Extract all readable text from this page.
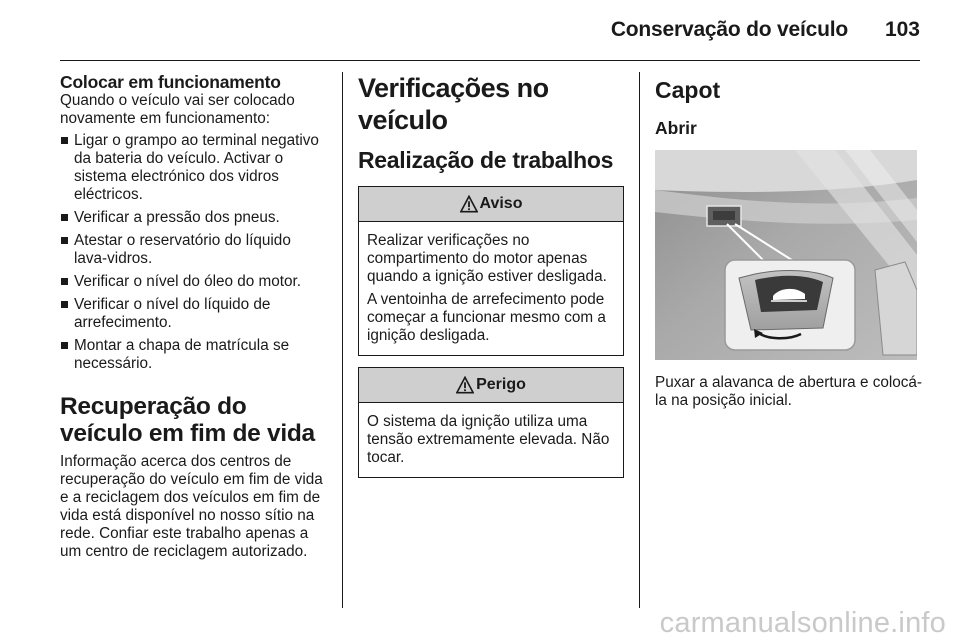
Conservação do veículo 103
Colocar em funcionamento

Quando o veículo vai ser colocado novamente em funcionamento:

Ligar o grampo ao terminal negativo da bateria do veículo. Activar o sistema electrónico dos vidros eléctricos.
Verificar a pressão dos pneus.
Atestar o reservatório do líquido lava-vidros.
Verificar o nível do óleo do motor.
Verificar o nível do líquido de arrefecimento.
Montar a chapa de matrícula se necessário.
Recuperação do veículo em fim de vida

Informação acerca dos centros de recuperação do veículo em fim de vida e a reciclagem dos veículos em fim de vida está disponível no nosso sítio na rede. Confiar este trabalho apenas a um centro de reciclagem autorizado.

Verificações no veículo
Realização de trabalhos
Aviso

Realizar verificações no compartimento do motor apenas quando a ignição estiver desligada.

A ventoinha de arrefecimento pode começar a funcionar mesmo com a ignição desligada.

Perigo

O sistema da ignição utiliza uma tensão extremamente elevada. Não tocar.

Capot
Abrir

Puxar a alavanca de abertura e colocá-la na posição inicial.

carmanualsonline.info
